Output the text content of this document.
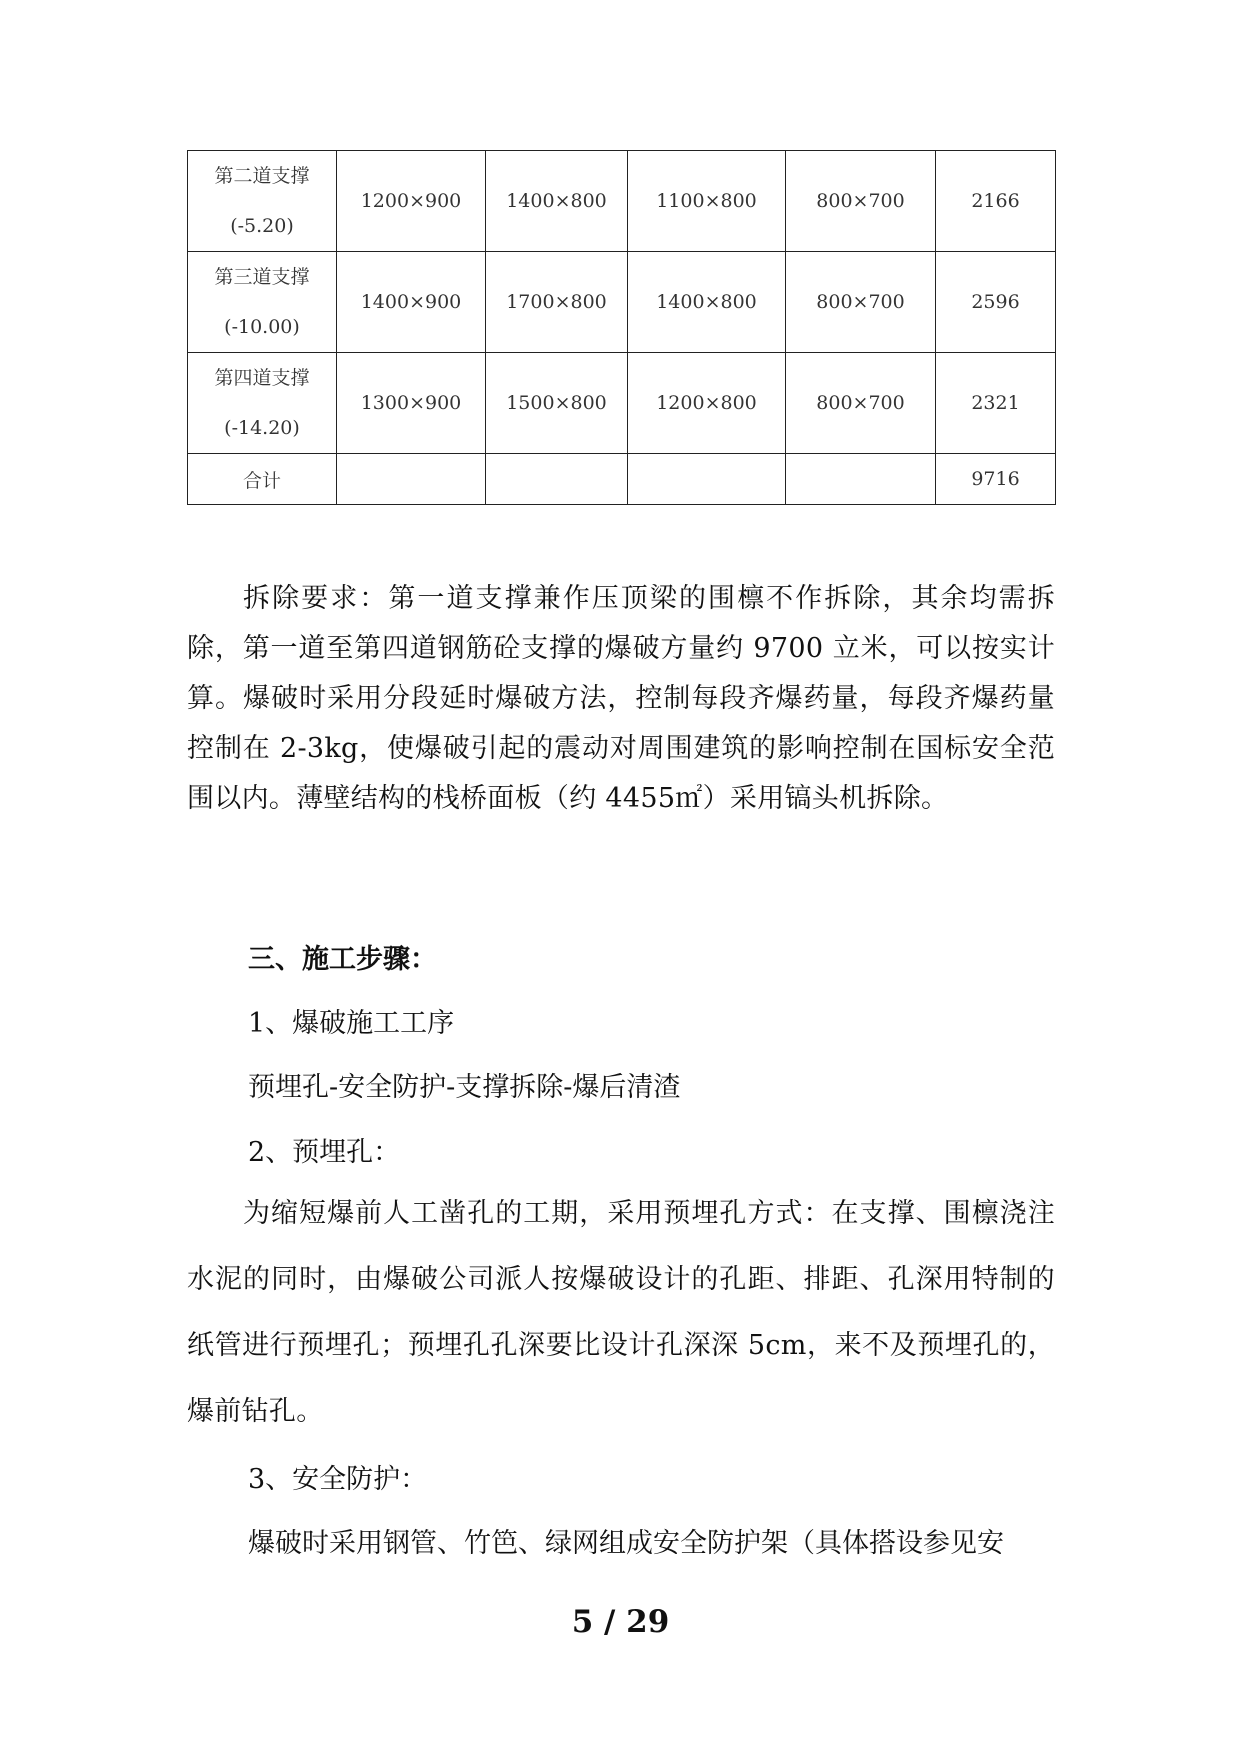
第二道支撑
(-5.20)	1200×900	1400×800	1100×800	800×700	2166

第三道支撑
(-10.00)	1400×900	1700×800	1400×800	800×700	2596

第四道支撑
(-14.20)	1300×900	1500×800	1200×800	800×700	2321
合计					9716

拆除要求：第一道支撑兼作压顶梁的围檩不作拆除，其余均需拆除，第一道至第四道钢筋砼支撑的爆破方量约 9700 立米，可以按实计算。爆破时采用分段延时爆破方法，控制每段齐爆药量，每段齐爆药量控制在 2-3kg，使爆破引起的震动对周围建筑的影响控制在国标安全范围以内。薄壁结构的栈桥面板（约 4455㎡）采用镐头机拆除。

三、施工步骤：
1、爆破施工工序
预埋孔-安全防护-支撑拆除-爆后清渣
2、预埋孔：

为缩短爆前人工凿孔的工期，采用预埋孔方式：在支撑、围檩浇注水泥的同时，由爆破公司派人按爆破设计的孔距、排距、孔深用特制的纸管进行预埋孔；预埋孔孔深要比设计孔深深 5cm，来不及预埋孔的，爆前钻孔。

3、安全防护：
爆破时采用钢管、竹笆、绿网组成安全防护架（具体搭设参见安
5 / 29
